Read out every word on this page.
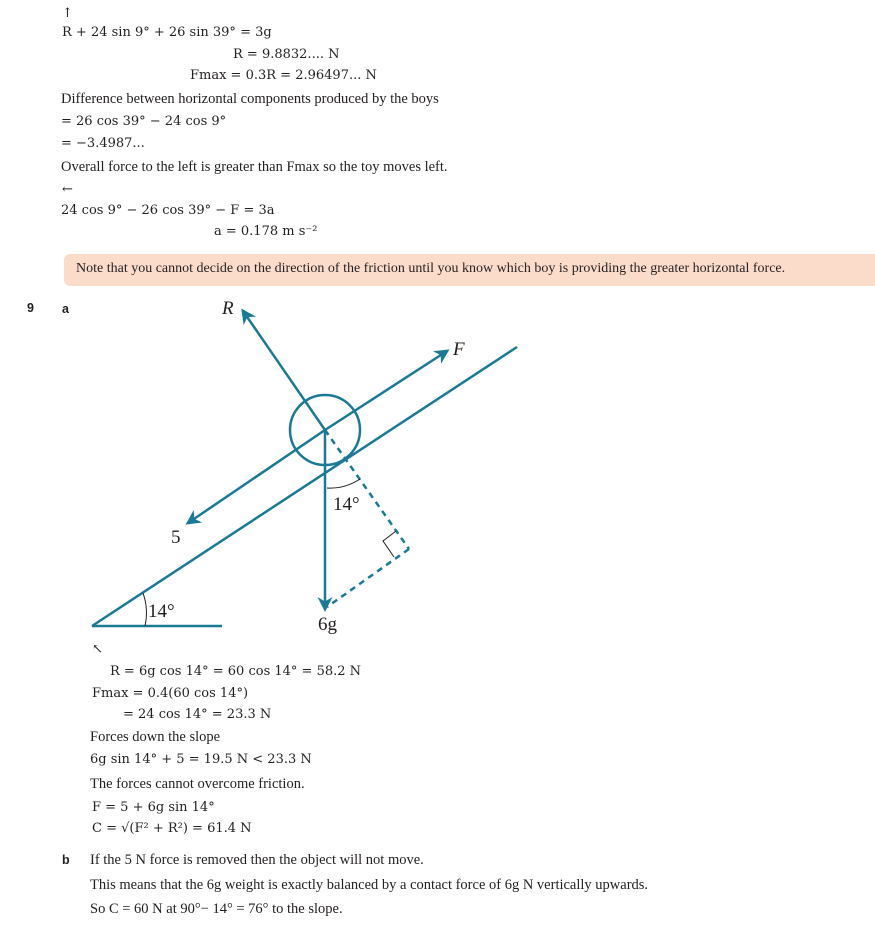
↑
R + 24 sin 9° + 26 sin 39° = 3g
R = 9.8832.... N
Fmax = 0.3R = 2.96497... N
Difference between horizontal components produced by the boys
= 26 cos 39° − 24 cos 9°
= −3.4987...
Overall force to the left is greater than Fmax so the toy moves left.
←
24 cos 9° − 26 cos 39° − F = 3a
a = 0.178 m s⁻²
Note that you cannot decide on the direction of the friction until you know which boy is providing the greater horizontal force.
9 a	R
F
5
6g
14°
14°
↖
R = 6g cos 14° = 60 cos 14° = 58.2 N
Fmax = 0.4(60 cos 14°)
= 24 cos 14° = 23.3 N
Forces down the slope
6g sin 14° + 5 = 19.5 N < 23.3 N
The forces cannot overcome friction.
F = 5 + 6g sin 14°
C = √(F² + R²) = 61.4 N
b If the 5 N force is removed then the object will not move.
This means that the 6g weight is exactly balanced by a contact force of 6g N vertically upwards.
So C = 60 N at 90°− 14° = 76° to the slope.
